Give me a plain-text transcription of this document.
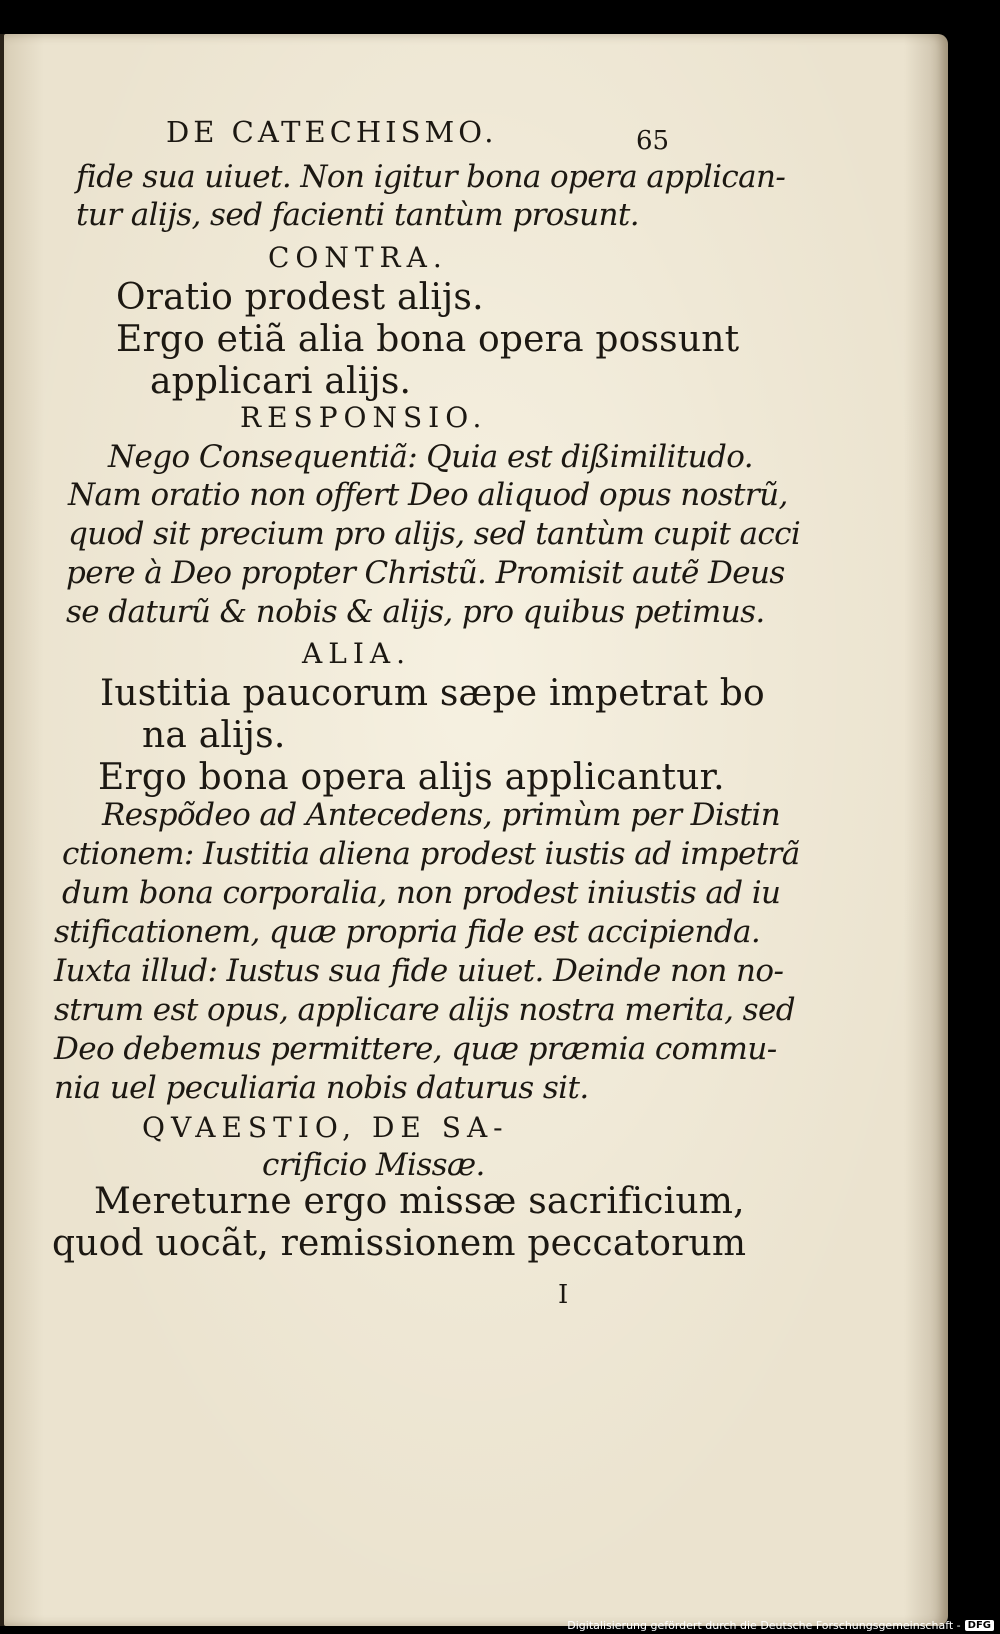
DE CATECHISMO.	65
fide sua uiuet. Non igitur bona opera applican-
tur alijs, sed facienti tantùm prosunt.
CONTRA.
Oratio prodest alijs.
Ergo etiã alia bona opera possunt
applicari alijs.
RESPONSIO.
Nego Consequentiã: Quia est dißimilitudo.
Nam oratio non offert Deo aliquod opus nostrũ,
quod sit precium pro alijs, sed tantùm cupit acci
pere à Deo propter Christũ. Promisit autẽ Deus
se daturũ & nobis & alijs, pro quibus petimus.
ALIA.
Iustitia paucorum sæpe impetrat bo
na alijs.
Ergo bona opera alijs applicantur.
Respõdeo ad Antecedens, primùm per Distin
ctionem: Iustitia aliena prodest iustis ad impetrã
dum bona corporalia, non prodest iniustis ad iu
stificationem, quæ propria fide est accipienda.
Iuxta illud: Iustus sua fide uiuet. Deinde non no-
strum est opus, applicare alijs nostra merita, sed
Deo debemus permittere, quæ præmia commu-
nia uel peculiaria nobis daturus sit.
QVAESTIO, DE SA-
crificio Missæ.
Mereturne ergo missæ sacrificium,
quod uocãt, remissionem peccatorum
I
Digitalisierung gefördert durch die Deutsche Forschungsgemeinschaft - DFG
